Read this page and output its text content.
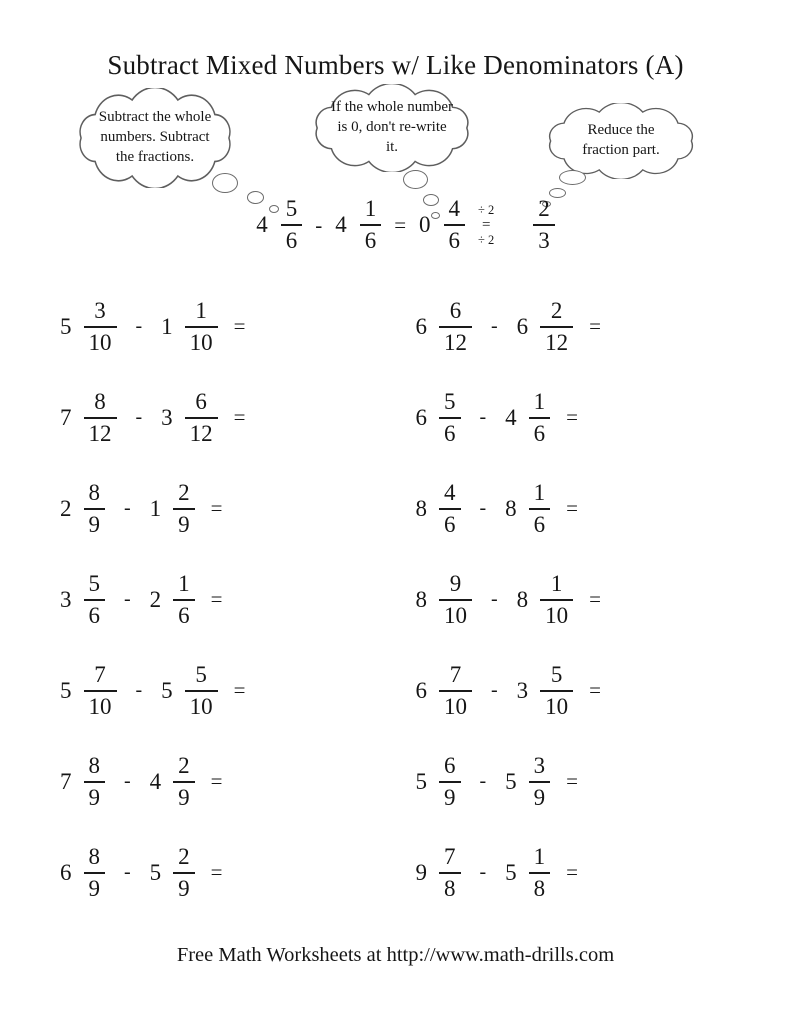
Subtract Mixed Numbers w/ Like Denominators (A)
Subtract the whole numbers. Subtract the fractions.
If the whole number is 0, don't re-write it.
Reduce the fraction part.
$4 \frac{5}{6} - 4 \frac{1}{6} = 0 \frac{4}{6} \div 2$
=
÷ $2 \frac{2}{3}$
$5 \frac{3}{10} - 1 \frac{1}{10}$ =	$6 \frac{6}{12} - 6 \frac{2}{12}$ =
$7 \frac{8}{12} - 3 \frac{6}{12}$ =	$6 \frac{5}{6} - 4 \frac{1}{6}$ =
$2 \frac{8}{9} - 1 \frac{2}{9}$ =	$8 \frac{4}{6} - 8 \frac{1}{6}$ =
$3 \frac{5}{6} - 2 \frac{1}{6}$ =	$8 \frac{9}{10} - 8 \frac{1}{10}$ =
$5 \frac{7}{10} - 5 \frac{5}{10}$ =	$6 \frac{7}{10} - 3 \frac{5}{10}$ =
$7 \frac{8}{9} - 4 \frac{2}{9}$ =	$5 \frac{6}{9} - 5 \frac{3}{9}$ =
$6 \frac{8}{9} - 5 \frac{2}{9}$ =	$9 \frac{7}{8} - 5 \frac{1}{8}$ =
Free Math Worksheets at http://www.math-drills.com
